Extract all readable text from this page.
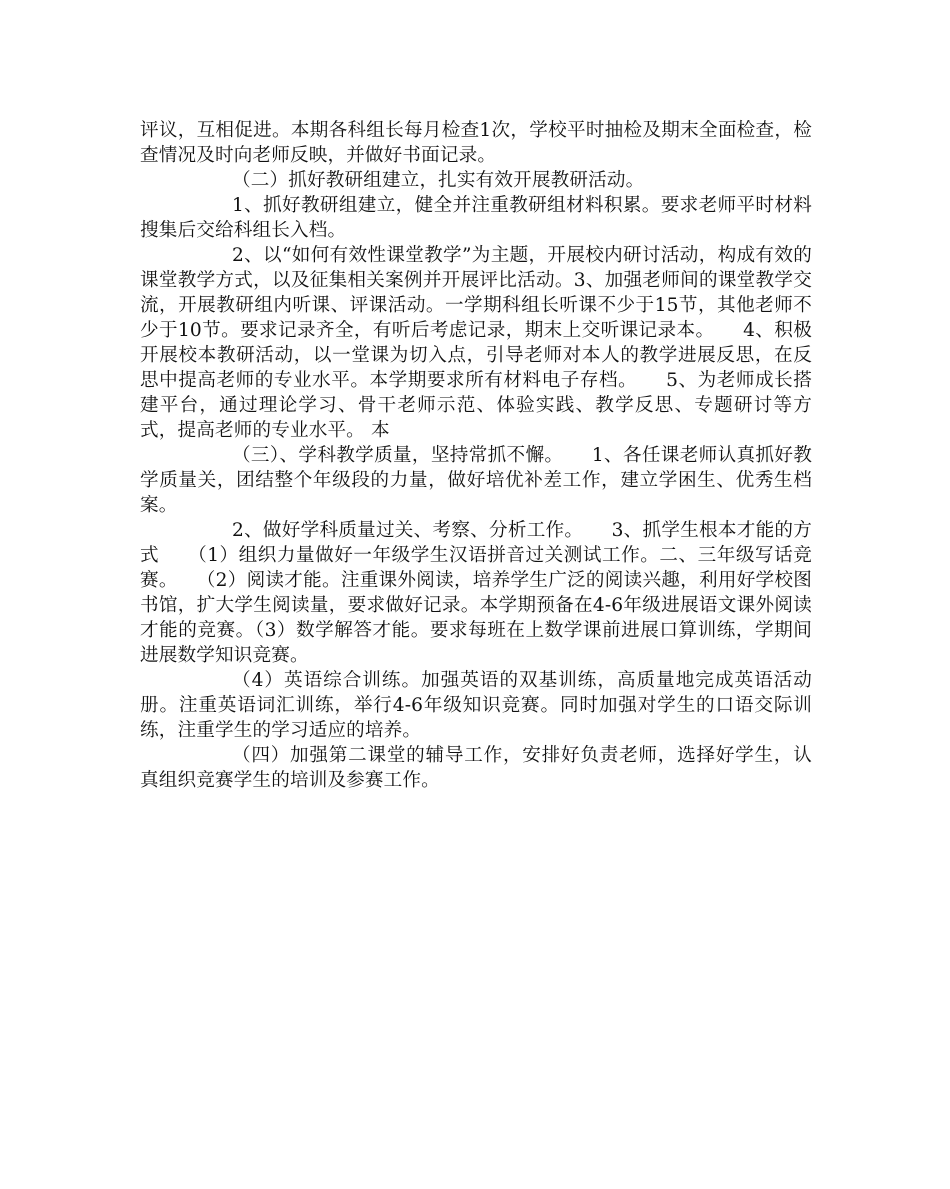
评议，互相促进。本期各科组长每月检查1次，学校平时抽检及期末全面检查，检查情况及时向老师反映，并做好书面记录。

（二）抓好教研组建立，扎实有效开展教研活动。

1、抓好教研组建立，健全并注重教研组材料积累。要求老师平时材料搜集后交给科组长入档。

2、以“如何有效性课堂教学”为主题，开展校内研讨活动，构成有效的课堂教学方式，以及征集相关案例并开展评比活动。3、加强老师间的课堂教学交流，开展教研组内听课、评课活动。一学期科组长听课不少于15节，其他老师不少于10节。要求记录齐全，有听后考虑记录，期末上交听课记录本。　　4、积极开展校本教研活动，以一堂课为切入点，引导老师对本人的教学进展反思，在反思中提高老师的专业水平。本学期要求所有材料电子存档。　　5、为老师成长搭建平台，通过理论学习、骨干老师示范、体验实践、教学反思、专题研讨等方式，提高老师的专业水平。 本

（三）、学科教学质量，坚持常抓不懈。　　1、各任课老师认真抓好教学质量关，团结整个年级段的力量，做好培优补差工作，建立学困生、优秀生档案。

2、做好学科质量过关、考察、分析工作。　　3、抓学生根本才能的方式　　（1）组织力量做好一年级学生汉语拼音过关测试工作。二、三年级写话竞赛。　　（2）阅读才能。注重课外阅读，培养学生广泛的阅读兴趣，利用好学校图书馆，扩大学生阅读量，要求做好记录。本学期预备在4-6年级进展语文课外阅读才能的竞赛。（3）数学解答才能。要求每班在上数学课前进展口算训练，学期间进展数学知识竞赛。

（4）英语综合训练。加强英语的双基训练，高质量地完成英语活动册。注重英语词汇训练，举行4-6年级知识竞赛。同时加强对学生的口语交际训练，注重学生的学习适应的培养。

（四）加强第二课堂的辅导工作，安排好负责老师，选择好学生，认真组织竞赛学生的培训及参赛工作。
